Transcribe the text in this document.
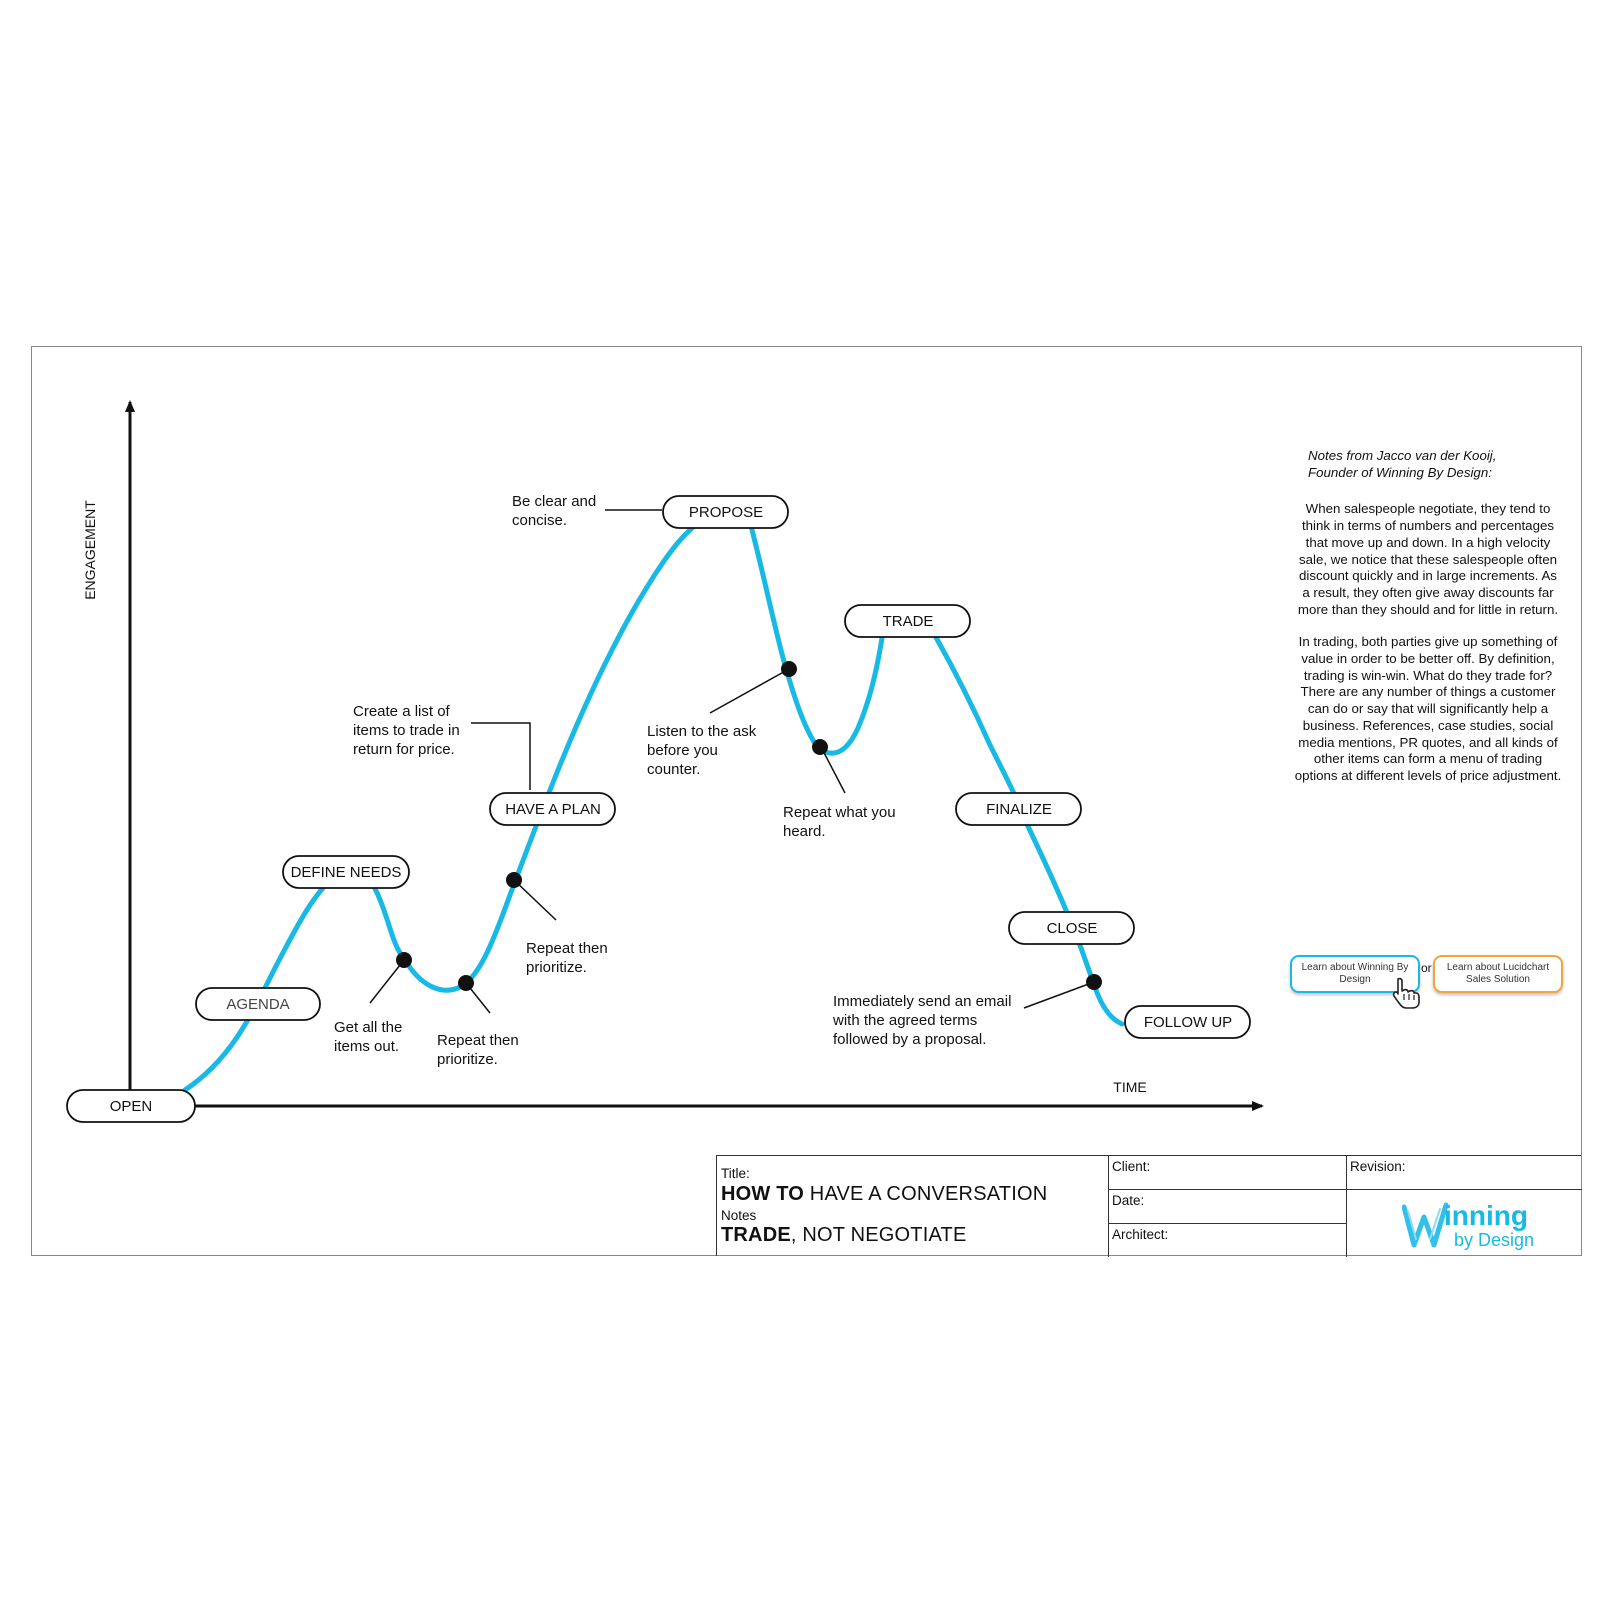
ENGAGEMENT
TIME
OPEN
AGENDA
DEFINE NEEDS
HAVE A PLAN
PROPOSE
TRADE
FINALIZE
CLOSE
FOLLOW UP
Get all the items out.	Repeat then prioritize.
Repeat then prioritize.
Create a list of items to trade in return for price.
Be clear and concise.
Listen to the ask before you counter.
Repeat what you heard.
Immediately send an email with the agreed terms followed by a proposal.
Notes from Jacco van der Kooij,
Founder of Winning By Design:
When salespeople negotiate, they tend to think in terms of numbers and percentages that move up and down. In a high velocity sale, we notice that these salespeople often discount quickly and in large increments. As a result, they often give away discounts far more than they should and for little in return.
In trading, both parties give up something of value in order to be better off. By definition, trading is win-win. What do they trade for? There are any number of things a customer can do or say that will significantly help a business. References, case studies, social media mentions, PR quotes, and all kinds of other items can form a menu of trading options at different levels of price adjustment.
Learn about Winning By Design
or	Learn about Lucidchart Sales Solution
Title:
HOW TO HAVE A CONVERSATION
Notes
TRADE, NOT NEGOTIATE
Client:
Date:
Architect:
Revision:
inning
by Design
